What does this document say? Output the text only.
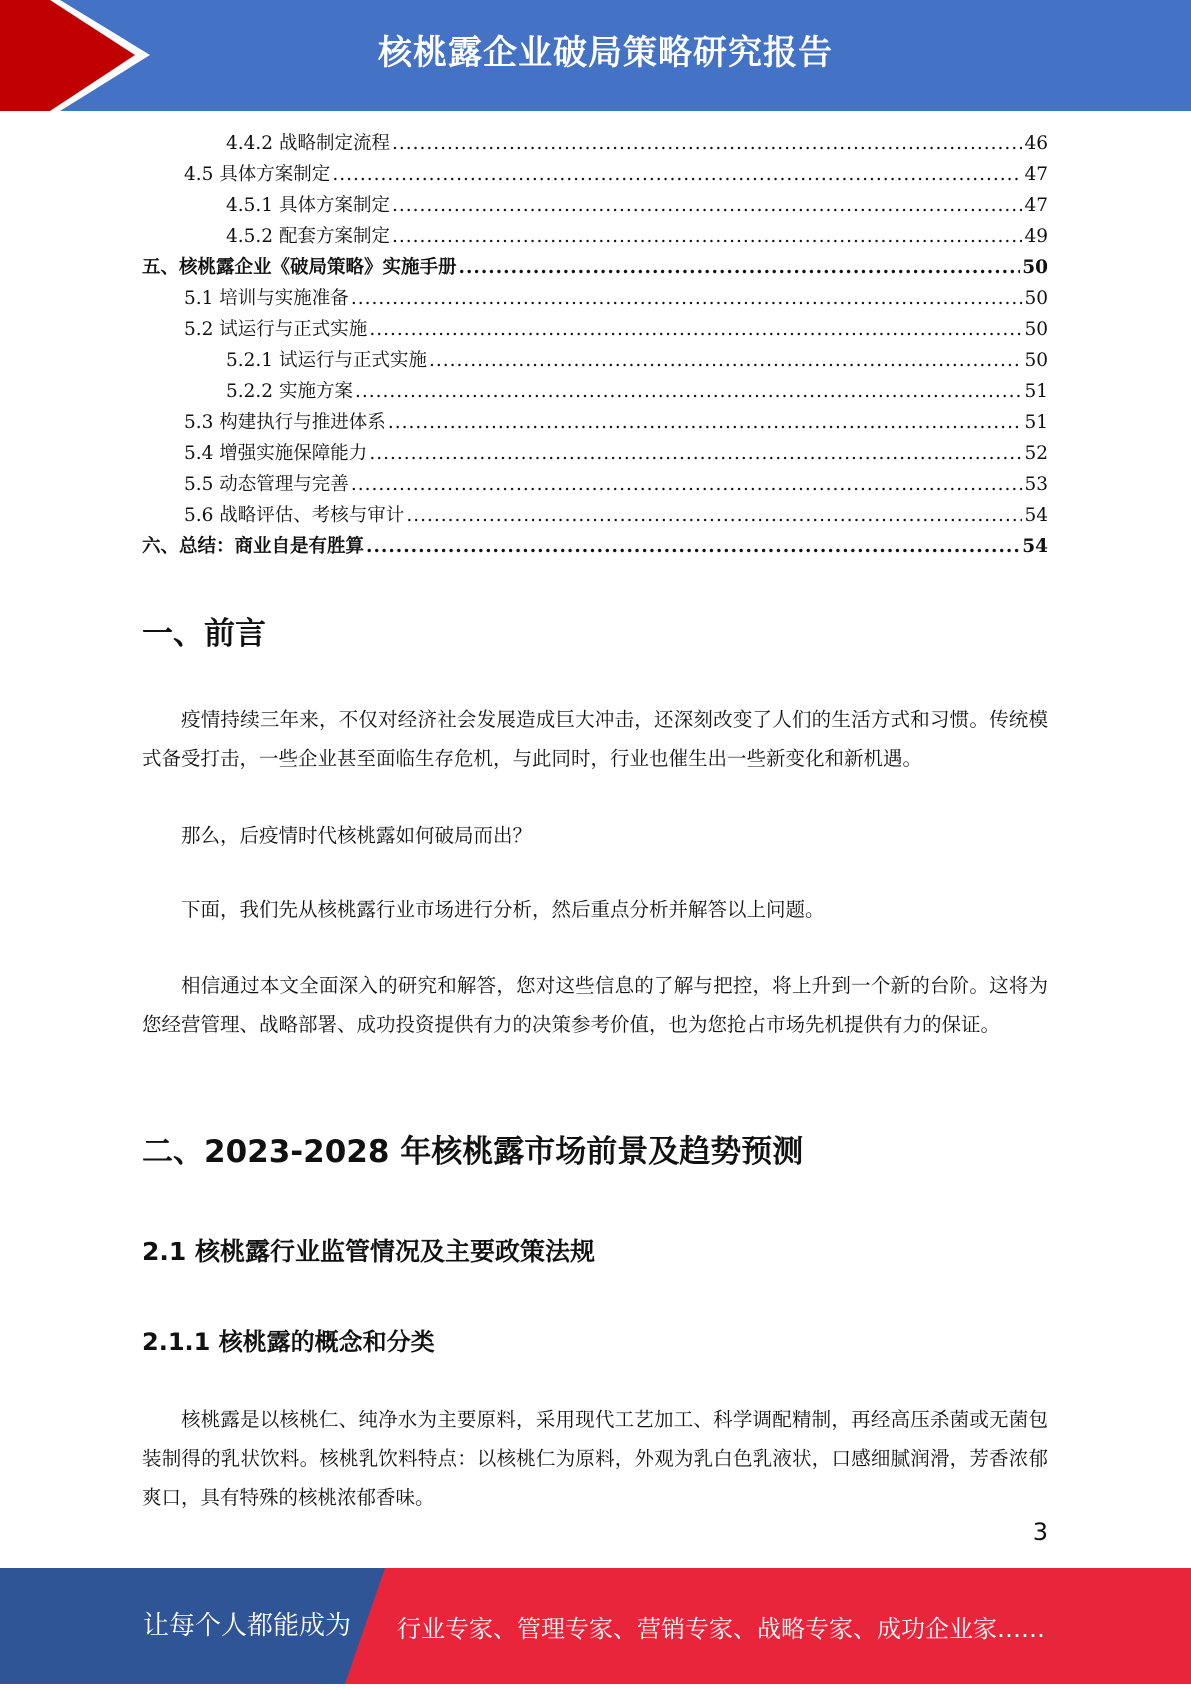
核桃露企业破局策略研究报告
4.4.2 战略制定流程 .....	46
4.5 具体方案制定 .....	47
4.5.1 具体方案制定 .....	47
4.5.2 配套方案制定 .....	49
五、核桃露企业《破局策略》实施手册 .....	50
5.1 培训与实施准备 .....	50
5.2 试运行与正式实施 .....	50
5.2.1 试运行与正式实施 .....	50
5.2.2 实施方案 .....	51
5.3 构建执行与推进体系 .....	51
5.4 增强实施保障能力 .....	52
5.5 动态管理与完善 .....	53
5.6 战略评估、考核与审计 .....	54
六、总结：商业自是有胜算 .....	54
一、前言

疫情持续三年来，不仅对经济社会发展造成巨大冲击，还深刻改变了人们的生活方式和习惯。传统模式备受打击，一些企业甚至面临生存危机，与此同时，行业也催生出一些新变化和新机遇。

那么，后疫情时代核桃露如何破局而出？

下面，我们先从核桃露行业市场进行分析，然后重点分析并解答以上问题。

相信通过本文全面深入的研究和解答，您对这些信息的了解与把控，将上升到一个新的台阶。这将为您经营管理、战略部署、成功投资提供有力的决策参考价值，也为您抢占市场先机提供有力的保证。

二、2023-2028 年核桃露市场前景及趋势预测
2.1 核桃露行业监管情况及主要政策法规
2.1.1 核桃露的概念和分类

核桃露是以核桃仁、纯净水为主要原料，采用现代工艺加工、科学调配精制，再经高压杀菌或无菌包装制得的乳状饮料。核桃乳饮料特点：以核桃仁为原料，外观为乳白色乳液状，口感细腻润滑，芳香浓郁爽口，具有特殊的核桃浓郁香味。

3
让每个人都能成为 行业专家、管理专家、营销专家、战略专家、成功企业家……
